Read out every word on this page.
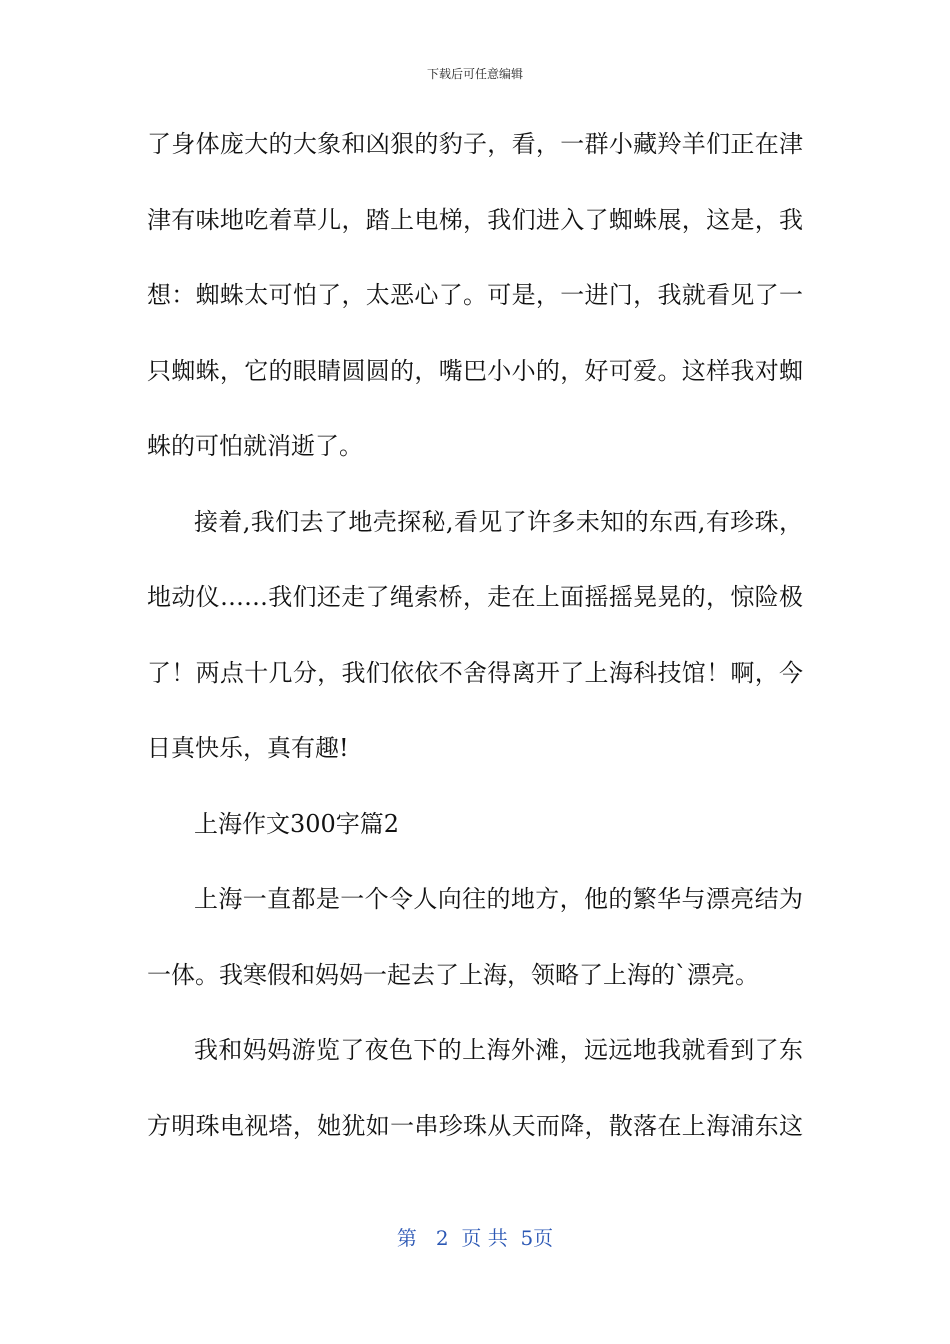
下载后可任意编辑
了身体庞大的大象和凶狠的豹子，看，一群小藏羚羊们正在津
津有味地吃着草儿，踏上电梯，我们进入了蜘蛛展，这是，我
想：蜘蛛太可怕了，太恶心了。可是，一进门，我就看见了一
只蜘蛛，它的眼睛圆圆的，嘴巴小小的，好可爱。这样我对蜘
蛛的可怕就消逝了。
接着,我们去了地壳探秘,看见了许多未知的东西,有珍珠，
地动仪……我们还走了绳索桥，走在上面摇摇晃晃的，惊险极
了！两点十几分，我们依依不舍得离开了上海科技馆！啊，今
日真快乐，真有趣!
上海作文300字篇2
上海一直都是一个令人向往的地方，他的繁华与漂亮结为
一体。我寒假和妈妈一起去了上海，领略了上海的`漂亮。
我和妈妈游览了夜色下的上海外滩，远远地我就看到了东
方明珠电视塔，她犹如一串珍珠从天而降，散落在上海浦东这
第 2 页 共 5页
